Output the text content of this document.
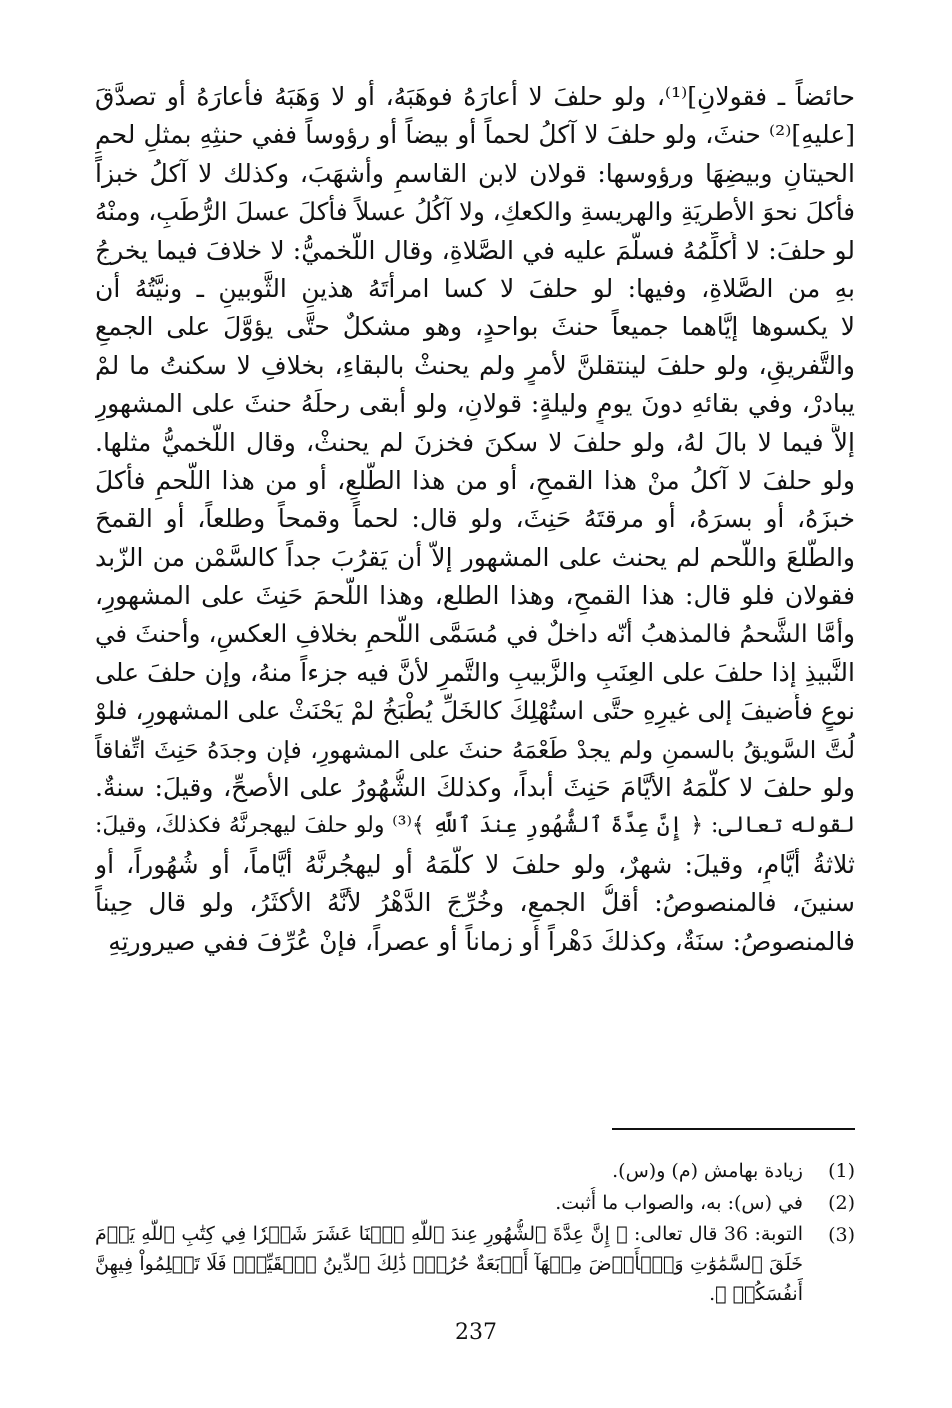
حائضاً ـ فقولانِ]⁽¹⁾، ولو حلفَ لا أعارَهُ فوهَبَهُ، أو لا وَهَبَهُ فأعارَهُ أو تصدَّقَ
[عليهِ]⁽²⁾ حنثَ، ولو حلفَ لا آكلُ لحماً أو بيضاً أو رؤوساً ففي حنثِهِ بمثلِ لحمِ
الحيتانِ وبيضِهَا ورؤوسها: قولان لابن القاسمِ وأشهَبَ، وكذلك لا آكلُ خبزاً
فأكلَ نحوَ الأطريَةِ والهريسةِ والكعكِ، ولا آكُلُ عسلاً فأكلَ عسلَ الرُّطَبِ، ومنْهُ
لو حلفَ: لا أُكلِّمُهُ فسلَّمَ عليه في الصَّلاةِ، وقال اللَّخميُّ: لا خلافَ فيما يخرجُ
بهِ من الصَّلاةِ، وفيها: لو حلفَ لا كسا امرأتَهُ هذينِ الثَّوبينِ ـ ونيَّتُهُ أن
لا يكسوها إيَّاهما جميعاً حنثَ بواحدٍ، وهو مشكلٌ حتَّى يؤوَّلَ على الجمعِ
والتَّفريقِ، ولو حلفَ لينتقلنَّ لأمرٍ ولم يحنثْ بالبقاءِ، بخلافِ لا سكنتُ ما لمْ
يبادرْ، وفي بقائهِ دونَ يومٍ وليلةٍ: قولانِ، ولو أبقى رحلَهُ حنثَ على المشهورِ
إلاَّ فيما لا بالَ لهُ، ولو حلفَ لا سكنَ فخزنَ لم يحنثْ، وقال اللَّخميُّ مثلها.
ولو حلفَ لا آكلُ منْ هذا القمحِ، أو من هذا الطَّلعِ، أو من هذا اللَّحمِ فأكلَ
خبزَهُ، أو بسرَهُ، أو مرقتَهُ حَنِثَ، ولو قال: لحماً وقمحاً وطلعاً، أو القمحَ
والطَّلعَ واللَّحم لم يحنث على المشهور إلاّ أن يَقرُبَ جداً كالسَّمْن من الزّبد
فقولان فلو قال: هذا القمحِ، وهذا الطلع، وهذا اللَّحمَ حَنِثَ على المشهورِ،
وأمَّا الشَّحمُ فالمذهبُ أنّه داخلٌ في مُسَمَّى اللَّحمِ بخلافِ العكسِ، وأحنثَ في
النَّبيذِ إذا حلفَ على العِنَبِ والزَّبيبِ والتَّمرِ لأنَّ فيه جزءاً منهُ، وإن حلفَ على
نوعٍ فأُضيفَ إلى غيرِهِ حتَّى استُهْلِكَ كالخَلِّ يُطْبَخُ لمْ يَحْنَثْ على المشهورِ، فلوْ
لُتَّ السَّويقُ بالسمنِ ولم يجدْ طَعْمَهُ حنثَ على المشهورِ، فإن وجدَهُ حَنِثَ اتِّفاقاً
ولو حلفَ لا كلَّمَهُ الأيَّامَ حَنِثَ أبداً، وكذلكَ الشُّهُورُ على الأصحِّ، وقيلَ: سنةٌ.
لقوله تعالى: ﴿ إِنَّ عِدَّةَ ٱلشُّهُورِ عِندَ ٱللَّهِ ﴾⁽³⁾ ولو حلفَ ليهجرنَّهُ فكذلكَ، وقيلَ:
ثلاثةُ أيَّامٍ، وقيلَ: شهرٌ، ولو حلفَ لا كلَّمَهُ أو ليهجُرنَّهُ أيَّاماً، أو شُهُوراً، أو
سنينَ، فالمنصوصُ: أقلُّ الجمعِ، وخُرِّجَ الدَّهْرُ لأنَّهُ الأكثَرُ، ولو قال حِيناً
فالمنصوصُ: سنَةٌ، وكذلكَ دَهْراً أو زماناً أو عصراً، فإنْ عُرِّفَ ففي صيرورتِهِ
(1)
زيادة بهامش (م) و(س).
(2)
في (س): به، والصواب ما أُثبت.
(3)
التوبة: 36 قال تعالى: ﴿ إِنَّ عِدَّةَ ٱلشُّهُورِ عِندَ ٱللَّهِ ٱثۡنَا عَشَرَ شَهۡرٗا فِي كِتَٰبِ ٱللَّهِ يَوۡمَ خَلَقَ ٱلسَّمَٰوَٰتِ وَٱلۡأَرۡضَ مِنۡهَآ أَرۡبَعَةٌ حُرُمٞۚ ذَٰلِكَ ٱلدِّينُ ٱلۡقَيِّمُۚ فَلَا تَظۡلِمُواْ فِيهِنَّ أَنفُسَكُمۡ ﴾.
237
